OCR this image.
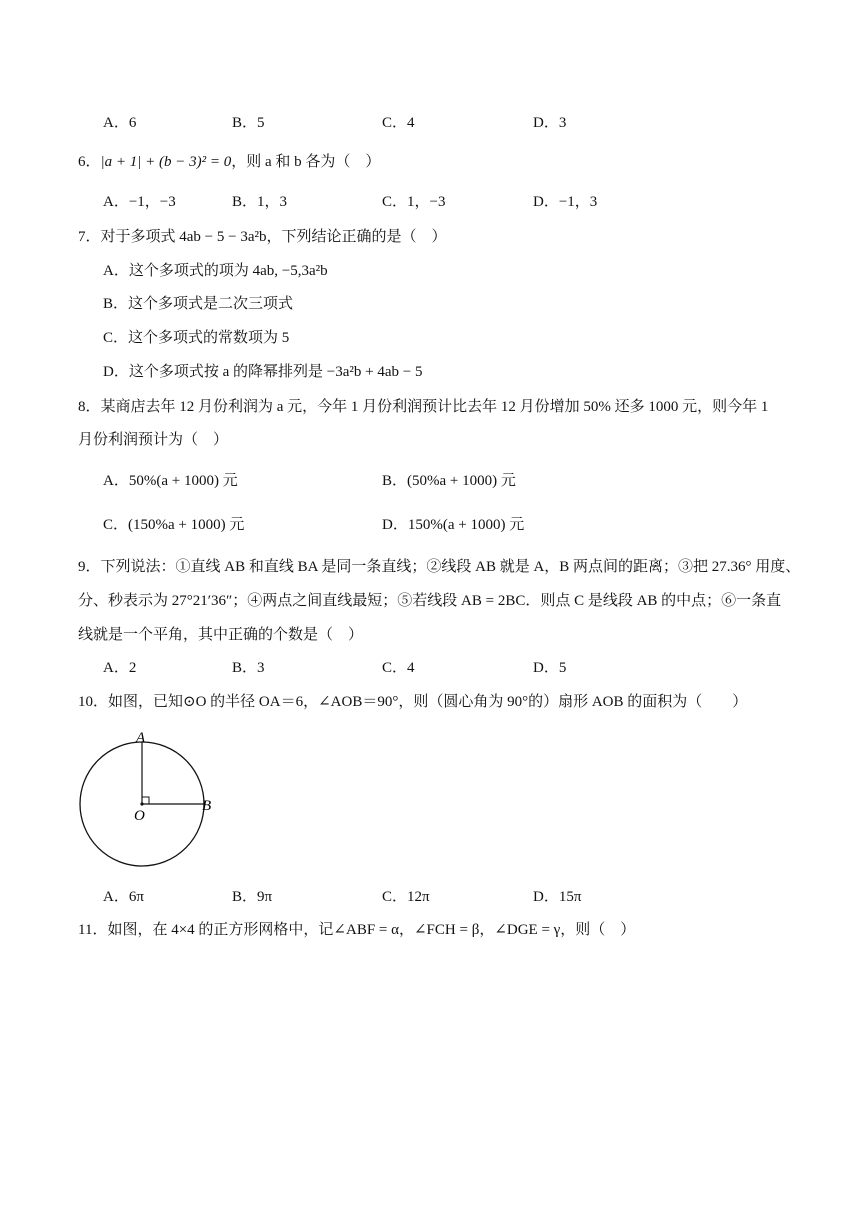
A．6	B．5	C．4	D．3
6．|a + 1| + (b − 3)² = 0，则 a 和 b 各为（　）
A．−1，−3	B．1，3	C．1，−3	D．−1，3
7．对于多项式 4ab − 5 − 3a²b，下列结论正确的是（　）
A．这个多项式的项为 4ab, −5,3a²b
B．这个多项式是二次三项式
C．这个多项式的常数项为 5
D．这个多项式按 a 的降幂排列是 −3a²b + 4ab − 5
8．某商店去年 12 月份利润为 a 元，今年 1 月份利润预计比去年 12 月份增加 50% 还多 1000 元，则今年 1
月份利润预计为（　）
A．50%(a + 1000) 元	B．(50%a + 1000) 元
C．(150%a + 1000) 元	D．150%(a + 1000) 元
9．下列说法：①直线 AB 和直线 BA 是同一条直线；②线段 AB 就是 A，B 两点间的距离；③把 27.36° 用度、
分、秒表示为 27°21′36″；④两点之间直线最短；⑤若线段 AB = 2BC．则点 C 是线段 AB 的中点；⑥一条直
线就是一个平角，其中正确的个数是（　）
A．2	B．3	C．4	D．5
10．如图，已知⊙O 的半径 OA＝6，∠AOB＝90°，则（圆心角为 90°的）扇形 AOB 的面积为（　　）
A
B
O
A．6π	B．9π	C．12π	D．15π
11．如图，在 4×4 的正方形网格中，记∠ABF = α，∠FCH = β，∠DGE = γ，则（　）
